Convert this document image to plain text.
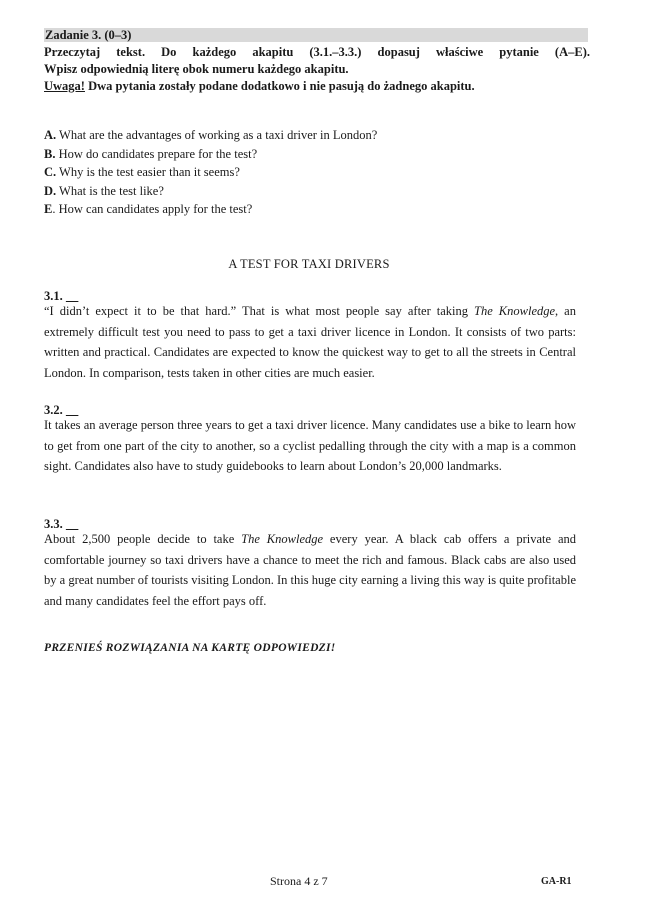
Zadanie 3. (0–3)
Przeczytaj tekst. Do każdego akapitu (3.1.–3.3.) dopasuj właściwe pytanie (A–E).
Wpisz odpowiednią literę obok numeru każdego akapitu.
Uwaga! Dwa pytania zostały podane dodatkowo i nie pasują do żadnego akapitu.
A. What are the advantages of working as a taxi driver in London?
B. How do candidates prepare for the test?
C. Why is the test easier than it seems?
D. What is the test like?
E. How can candidates apply for the test?
A TEST FOR TAXI DRIVERS
3.1.
“I didn’t expect it to be that hard.” That is what most people say after taking The Knowledge, an extremely difficult test you need to pass to get a taxi driver licence in London. It consists of two parts: written and practical. Candidates are expected to know the quickest way to get to all the streets in Central London. In comparison, tests taken in other cities are much easier.
3.2.
It takes an average person three years to get a taxi driver licence. Many candidates use a bike to learn how to get from one part of the city to another, so a cyclist pedalling through the city with a map is a common sight. Candidates also have to study guidebooks to learn about London’s 20,000 landmarks.
3.3.
About 2,500 people decide to take The Knowledge every year. A black cab offers a private and comfortable journey so taxi drivers have a chance to meet the rich and famous. Black cabs are also used by a great number of tourists visiting London. In this huge city earning a living this way is quite profitable and many candidates feel the effort pays off.
PRZENIEŚ ROZWIĄZANIA NA KARTĘ ODPOWIEDZI!
Strona 4 z 7	GA-R1
